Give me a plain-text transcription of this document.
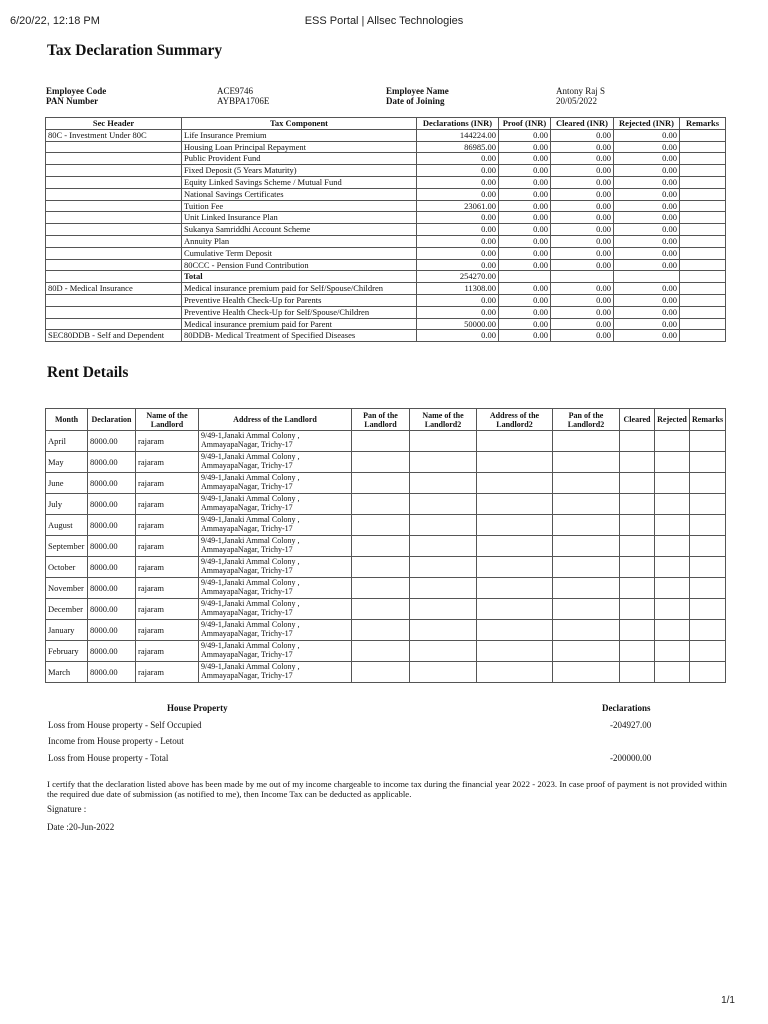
6/20/22, 12:18 PM	ESS Portal | Allsec Technologies
Tax Declaration Summary
Employee Code	ACE9746	Employee Name	Antony Raj S
PAN Number	AYBPA1706E	Date of Joining	20/05/2022
Sec Header	Tax Component	Declarations (INR)	Proof (INR)	Cleared (INR)	Rejected (INR)	Remarks
80C - Investment Under 80C	Life Insurance Premium	144224.00	0.00	0.00	0.00	
	Housing Loan Principal Repayment	86985.00	0.00	0.00	0.00	
	Public Provident Fund	0.00	0.00	0.00	0.00	
	Fixed Deposit (5 Years Maturity)	0.00	0.00	0.00	0.00	
	Equity Linked Savings Scheme / Mutual Fund	0.00	0.00	0.00	0.00	
	National Savings Certificates	0.00	0.00	0.00	0.00	
	Tuition Fee	23061.00	0.00	0.00	0.00	
	Unit Linked Insurance Plan	0.00	0.00	0.00	0.00	
	Sukanya Samriddhi Account Scheme	0.00	0.00	0.00	0.00	
	Annuity Plan	0.00	0.00	0.00	0.00	
	Cumulative Term Deposit	0.00	0.00	0.00	0.00	
	80CCC - Pension Fund Contribution	0.00	0.00	0.00	0.00	
	Total	254270.00				
80D - Medical Insurance	Medical insurance premium paid for Self/Spouse/Children	11308.00	0.00	0.00	0.00	
	Preventive Health Check-Up for Parents	0.00	0.00	0.00	0.00	
	Preventive Health Check-Up for Self/Spouse/Children	0.00	0.00	0.00	0.00	
	Medical insurance premium paid for Parent	50000.00	0.00	0.00	0.00	
SEC80DDB - Self and Dependent	80DDB- Medical Treatment of Specified Diseases	0.00	0.00	0.00	0.00	
Rent Details
Month	Declaration	Name of the Landlord	Address of the Landlord	Pan of the Landlord	Name of the Landlord2	Address of the Landlord2	Pan of the Landlord2	Cleared	Rejected	Remarks
April	8000.00	rajaram	9/49-1,Janaki Ammal Colony , AmmayapaNagar, Trichy-17							
May	8000.00	rajaram	9/49-1,Janaki Ammal Colony , AmmayapaNagar, Trichy-17							
June	8000.00	rajaram	9/49-1,Janaki Ammal Colony , AmmayapaNagar, Trichy-17							
July	8000.00	rajaram	9/49-1,Janaki Ammal Colony , AmmayapaNagar, Trichy-17							
August	8000.00	rajaram	9/49-1,Janaki Ammal Colony , AmmayapaNagar, Trichy-17							
September	8000.00	rajaram	9/49-1,Janaki Ammal Colony , AmmayapaNagar, Trichy-17							
October	8000.00	rajaram	9/49-1,Janaki Ammal Colony , AmmayapaNagar, Trichy-17							
November	8000.00	rajaram	9/49-1,Janaki Ammal Colony , AmmayapaNagar, Trichy-17							
December	8000.00	rajaram	9/49-1,Janaki Ammal Colony , AmmayapaNagar, Trichy-17							
January	8000.00	rajaram	9/49-1,Janaki Ammal Colony , AmmayapaNagar, Trichy-17							
February	8000.00	rajaram	9/49-1,Janaki Ammal Colony , AmmayapaNagar, Trichy-17							
March	8000.00	rajaram	9/49-1,Janaki Ammal Colony , AmmayapaNagar, Trichy-17							
House Property	Declarations
Loss from House property - Self Occupied	-204927.00
Income from House property - Letout
Loss from House property - Total	-200000.00

I certify that the declaration listed above has been made by me out of my income chargeable to income tax during the financial year 2022 - 2023. In case proof of payment is not provided within the required due date of submission (as notified to me), then Income Tax can be deducted as applicable.

Signature :
Date :20-Jun-2022
1/1
